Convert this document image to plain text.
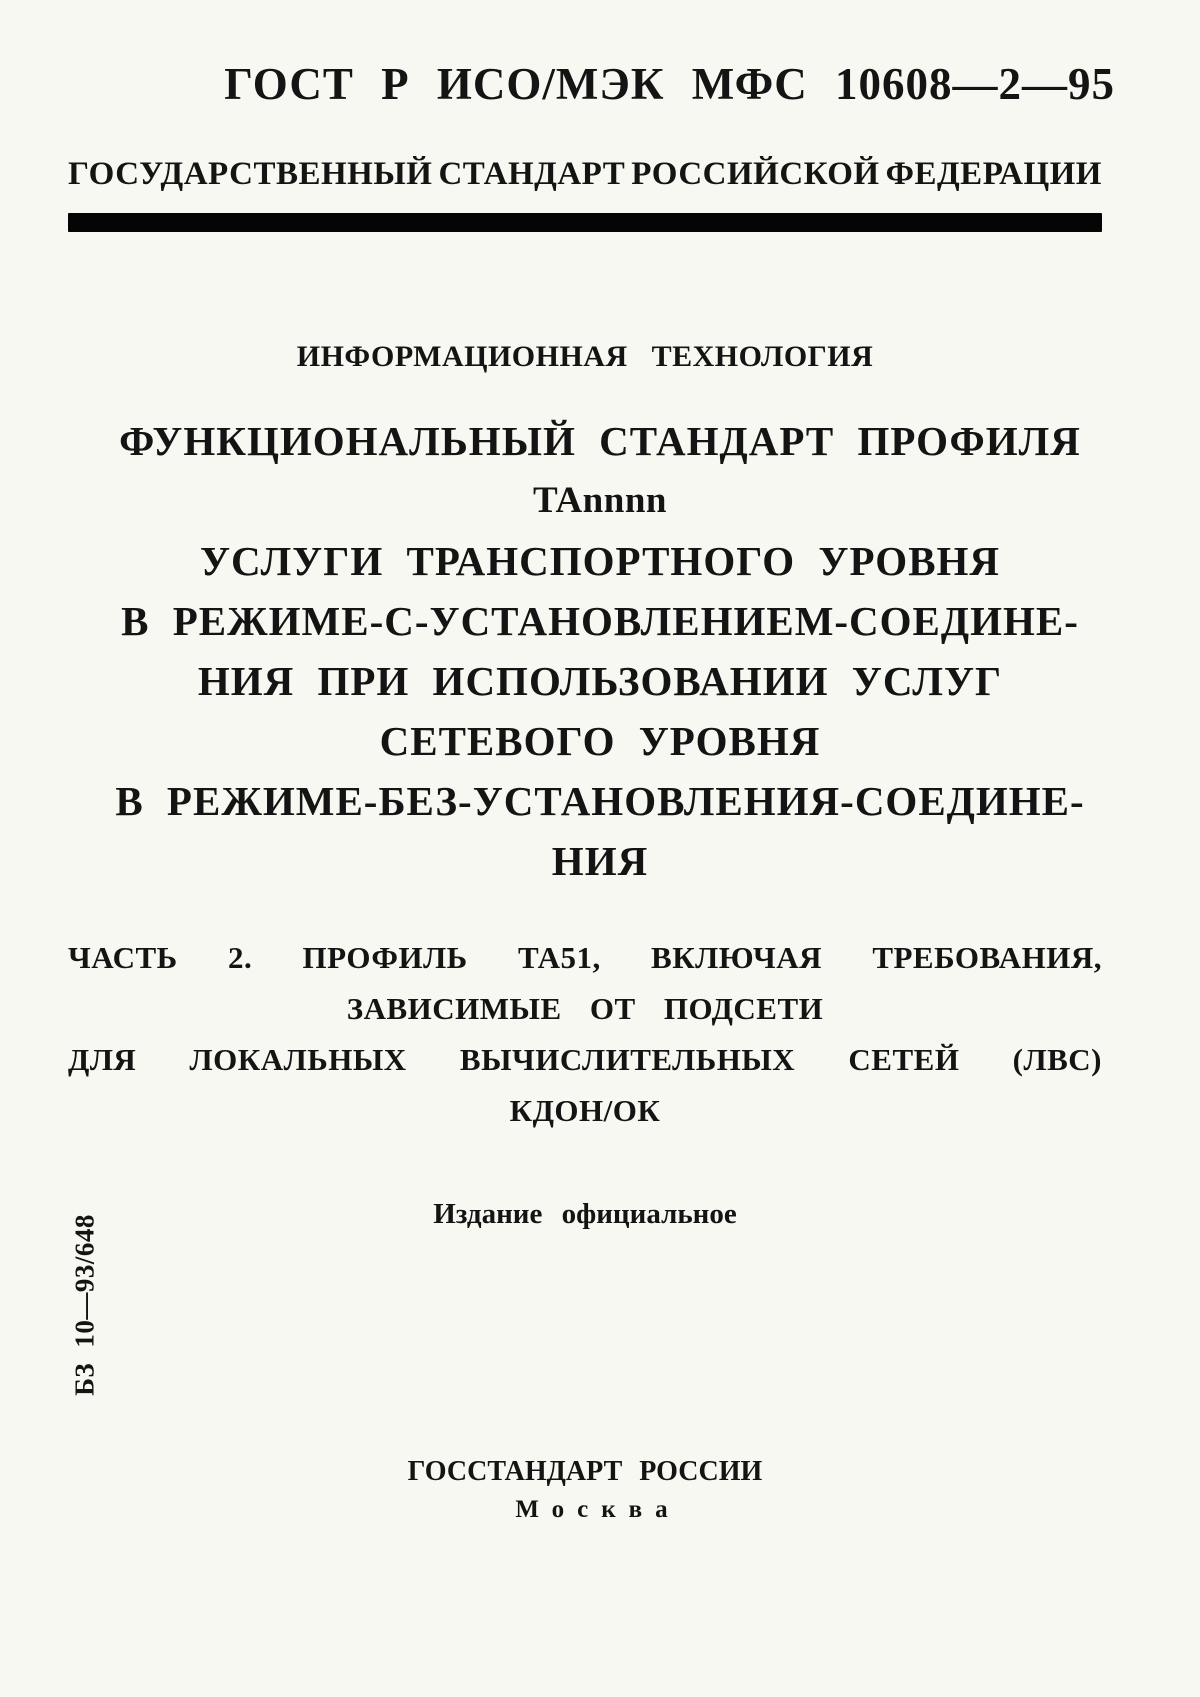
ГОСТ Р ИСО/МЭК МФС 10608—2—95
ГОСУДАРСТВЕННЫЙ СТАНДАРТ РОССИЙСКОЙ ФЕДЕРАЦИИ
ИНФОРМАЦИОННАЯ ТЕХНОЛОГИЯ
ФУНКЦИОНАЛЬНЫЙ СТАНДАРТ ПРОФИЛЯ
TAnnnn
УСЛУГИ ТРАНСПОРТНОГО УРОВНЯ
В РЕЖИМЕ-С-УСТАНОВЛЕНИЕМ-СОЕДИНЕ-
НИЯ ПРИ ИСПОЛЬЗОВАНИИ УСЛУГ
СЕТЕВОГО УРОВНЯ
В РЕЖИМЕ-БЕЗ-УСТАНОВЛЕНИЯ-СОЕДИНЕ-
НИЯ
ЧАСТЬ 2. ПРОФИЛЬ ТА51, ВКЛЮЧАЯ ТРЕБОВАНИЯ,
ЗАВИСИМЫЕ ОТ ПОДСЕТИ
ДЛЯ ЛОКАЛЬНЫХ ВЫЧИСЛИТЕЛЬНЫХ СЕТЕЙ (ЛВС)
КДОН/ОК
Издание официальное
БЗ 10—93/648
ГОССТАНДАРТ РОССИИ
Москва
